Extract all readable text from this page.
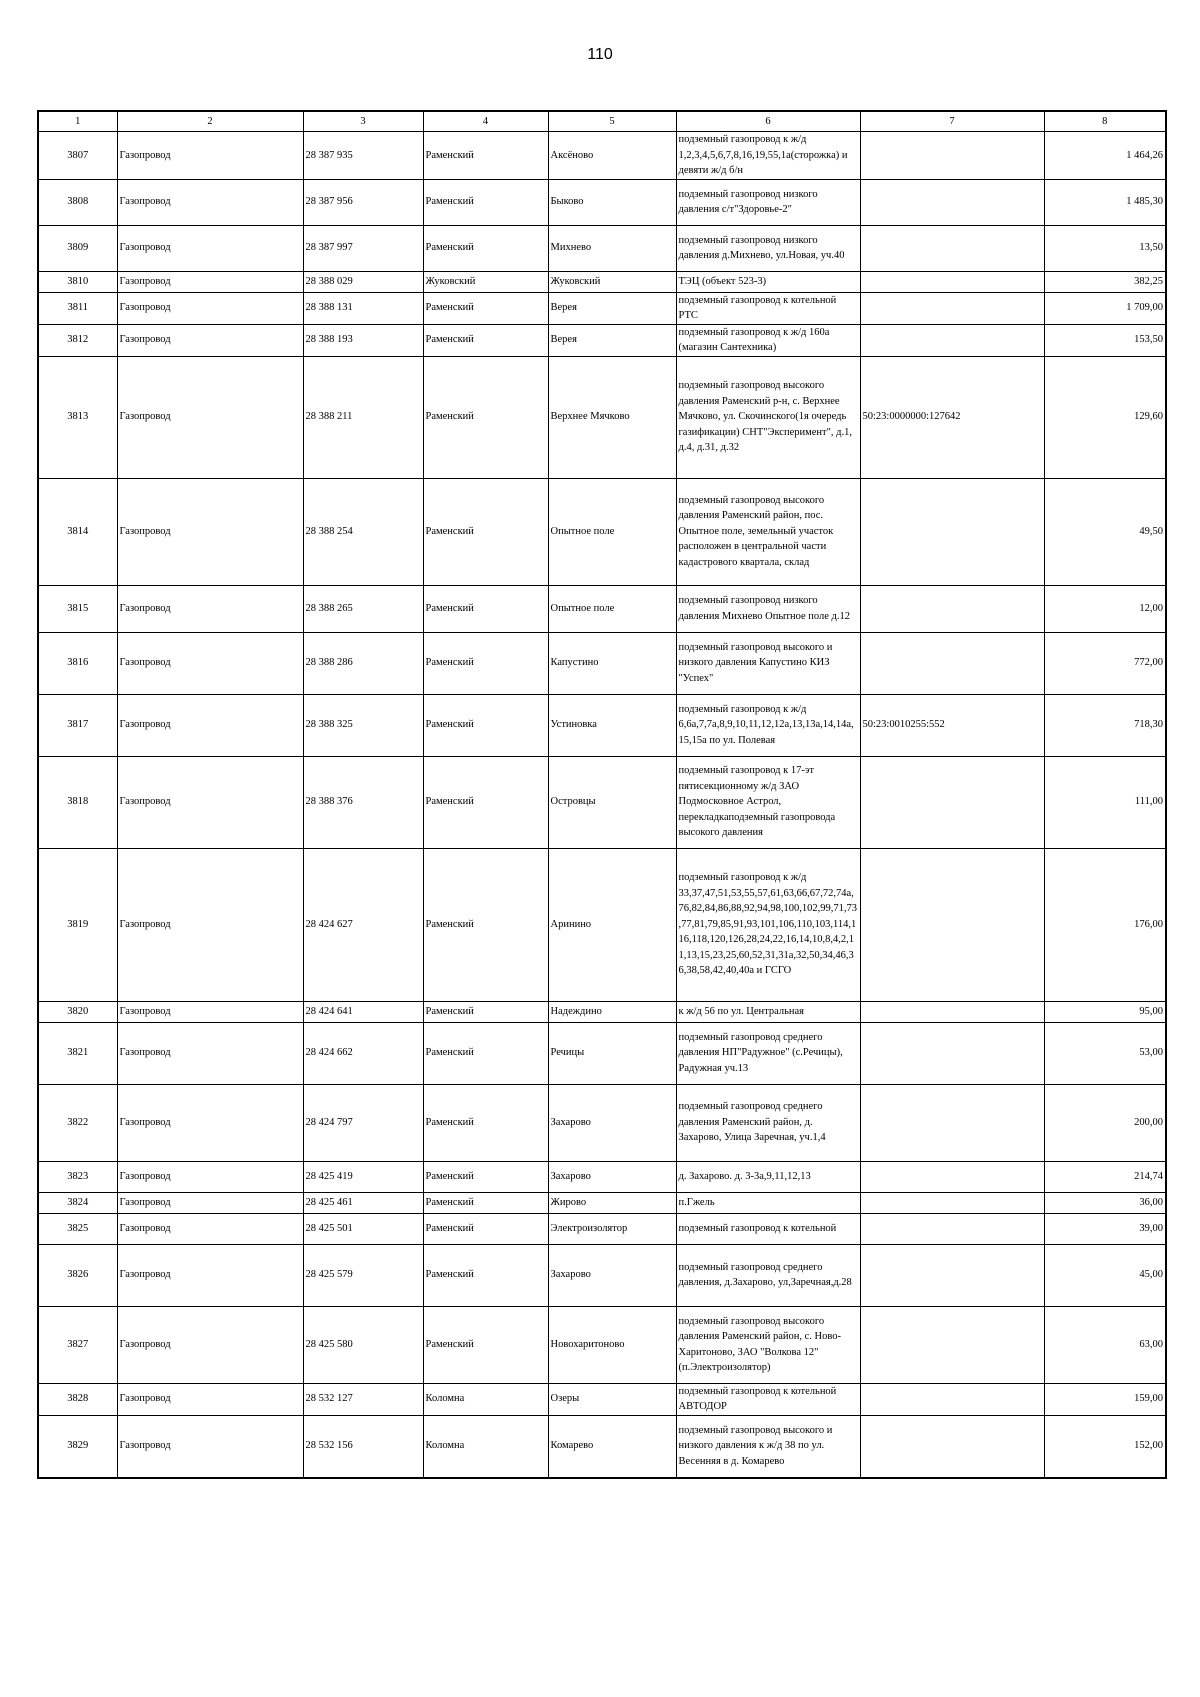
110
1	2	3	4	5	6	7	8
3807	Газопровод	28 387 935	Раменский	Аксёново	подземный газопровод к ж/д 1,2,3,4,5,6,7,8,16,19,55,1а(сторожка) и девяти ж/д б/н		1 464,26
3808	Газопровод	28 387 956	Раменский	Быково	подземный газопровод низкого давления с/т"Здоровье-2"		1 485,30
3809	Газопровод	28 387 997	Раменский	Михнево	подземный газопровод низкого давления д.Михнево, ул.Новая, уч.40		13,50
3810	Газопровод	28 388 029	Жуковский	Жуковский	ТЭЦ (объект 523-3)		382,25
3811	Газопровод	28 388 131	Раменский	Верея	подземный газопровод к котельной РТС		1 709,00
3812	Газопровод	28 388 193	Раменский	Верея	подземный газопровод к ж/д 160а (магазин Сантехника)		153,50
3813	Газопровод	28 388 211	Раменский	Верхнее Мячково	подземный газопровод высокого давления Раменский р-н, с. Верхнее Мячково, ул. Скочинского(1я очередь газификации) СНТ"Эксперимент", д.1, д.4, д.31, д.32	50:23:0000000:127642	129,60
3814	Газопровод	28 388 254	Раменский	Опытное поле	подземный газопровод высокого давления Раменский район, пос. Опытное поле, земельный участок расположен в центральной части кадастрового квартала, склад		49,50
3815	Газопровод	28 388 265	Раменский	Опытное поле	подземный газопровод низкого давления Михнево Опытное поле д.12		12,00
3816	Газопровод	28 388 286	Раменский	Капустино	подземный газопровод высокого и низкого давления Капустино КИЗ "Успех"		772,00
3817	Газопровод	28 388 325	Раменский	Устиновка	подземный газопровод к ж/д 6,6а,7,7а,8,9,10,11,12,12а,13,13а,14,14а,15,15а по ул. Полевая	50:23:0010255:552	718,30
3818	Газопровод	28 388 376	Раменский	Островцы	подземный газопровод к 17-эт пятисекционному ж/д ЗАО Подмосковное Астрол, перекладкаподземный газопровода высокого давления		111,00
3819	Газопровод	28 424 627	Раменский	Аринино	подземный газопровод к ж/д 33,37,47,51,53,55,57,61,63,66,67,72,74а,76,82,84,86,88,92,94,98,100,102,99,71,73,77,81,79,85,91,93,101,106,110,103,114,116,118,120,126,28,24,22,16,14,10,8,4,2,11,13,15,23,25,60,52,31,31а,32,50,34,46,36,38,58,42,40,40а и ГСГО		176,00
3820	Газопровод	28 424 641	Раменский	Надеждино	к ж/д 56 по ул. Центральная		95,00
3821	Газопровод	28 424 662	Раменский	Речицы	подземный газопровод среднего давления НП"Радужное" (с.Речицы), Радужная уч.13		53,00
3822	Газопровод	28 424 797	Раменский	Захарово	подземный газопровод среднего давления Раменский район, д. Захарово, Улица Заречная, уч.1,4		200,00
3823	Газопровод	28 425 419	Раменский	Захарово	д. Захарово. д. 3-3а,9,11,12,13		214,74
3824	Газопровод	28 425 461	Раменский	Жирово	п.Гжель		36,00
3825	Газопровод	28 425 501	Раменский	Электроизолятор	подземный газопровод к котельной		39,00
3826	Газопровод	28 425 579	Раменский	Захарово	подземный газопровод среднего давления, д.Захарово, ул,Заречная,д.28		45,00
3827	Газопровод	28 425 580	Раменский	Новохаритоново	подземный газопровод высокого давления Раменский район, с. Ново-Харитоново, ЗАО "Волкова 12"(п.Электроизолятор)		63,00
3828	Газопровод	28 532 127	Коломна	Озеры	подземный газопровод к котельной АВТОДОР		159,00
3829	Газопровод	28 532 156	Коломна	Комарево	подземный газопровод высокого и низкого давления к ж/д 38 по ул. Весенняя в д. Комарево		152,00
